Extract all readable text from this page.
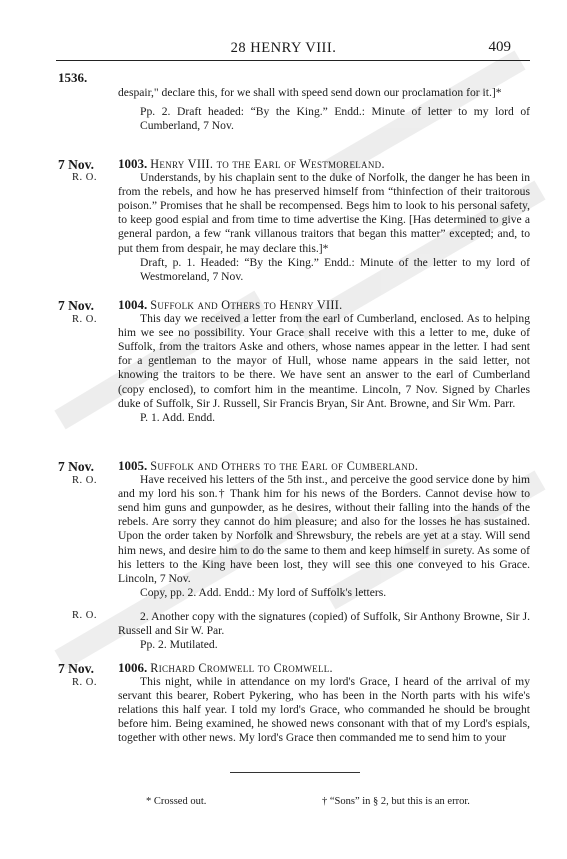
28 HENRY VIII.	409
1536.

despair," declare this, for we shall with speed send down our proclamation for it.]*

Pp. 2. Draft headed: “By the King.” Endd.: Minute of letter to my lord of Cumberland, 7 Nov.

7 Nov.
R. O.

1003. Henry VIII. to the Earl of Westmoreland.

Understands, by his chaplain sent to the duke of Norfolk, the danger he has been in from the rebels, and how he has preserved himself from “thinfection of their traitorous poison.” Promises that he shall be recompensed. Begs him to look to his personal safety, to keep good espial and from time to time advertise the King. [Has determined to give a general pardon, a few “rank villanous traitors that began this matter” excepted; and, to put them from despair, he may declare this.]*

Draft, p. 1. Headed: “By the King.” Endd.: Minute of the letter to my lord of Westmoreland, 7 Nov.

7 Nov.
R. O.

1004. Suffolk and Others to Henry VIII.

This day we received a letter from the earl of Cumberland, enclosed. As to helping him we see no possibility. Your Grace shall receive with this a letter to me, duke of Suffolk, from the traitors Aske and others, whose names appear in the letter. I had sent for a gentleman to the mayor of Hull, whose name appears in the said letter, not knowing the traitors to be there. We have sent an answer to the earl of Cumberland (copy enclosed), to comfort him in the meantime. Lincoln, 7 Nov. Signed by Charles duke of Suffolk, Sir J. Russell, Sir Francis Bryan, Sir Ant. Browne, and Sir Wm. Parr.

P. 1. Add. Endd.

7 Nov.
R. O.

1005. Suffolk and Others to the Earl of Cumberland.

Have received his letters of the 5th inst., and perceive the good service done by him and my lord his son.† Thank him for his news of the Borders. Cannot devise how to send him guns and gunpowder, as he desires, without their falling into the hands of the rebels. Are sorry they cannot do him pleasure; and also for the losses he has sustained. Upon the order taken by Norfolk and Shrewsbury, the rebels are yet at a stay. Will send him news, and desire him to do the same to them and keep himself in surety. As some of his letters to the King have been lost, they will see this one conveyed to his Grace. Lincoln, 7 Nov.

Copy, pp. 2. Add. Endd.: My lord of Suffolk's letters.

R. O.	2. Another copy with the signatures (copied) of Suffolk, Sir Anthony Browne, Sir J. Russell and Sir W. Par.

Pp. 2. Mutilated.

7 Nov.
R. O.

1006. Richard Cromwell to Cromwell.

This night, while in attendance on my lord's Grace, I heard of the arrival of my servant this bearer, Robert Pykering, who has been in the North parts with his wife's relations this half year. I told my lord's Grace, who commanded he should be brought before him. Being examined, he showed news consonant with that of my Lord's espials, together with other news. My lord's Grace then commanded me to send him to your

* Crossed out.	† “Sons” in § 2, but this is an error.
